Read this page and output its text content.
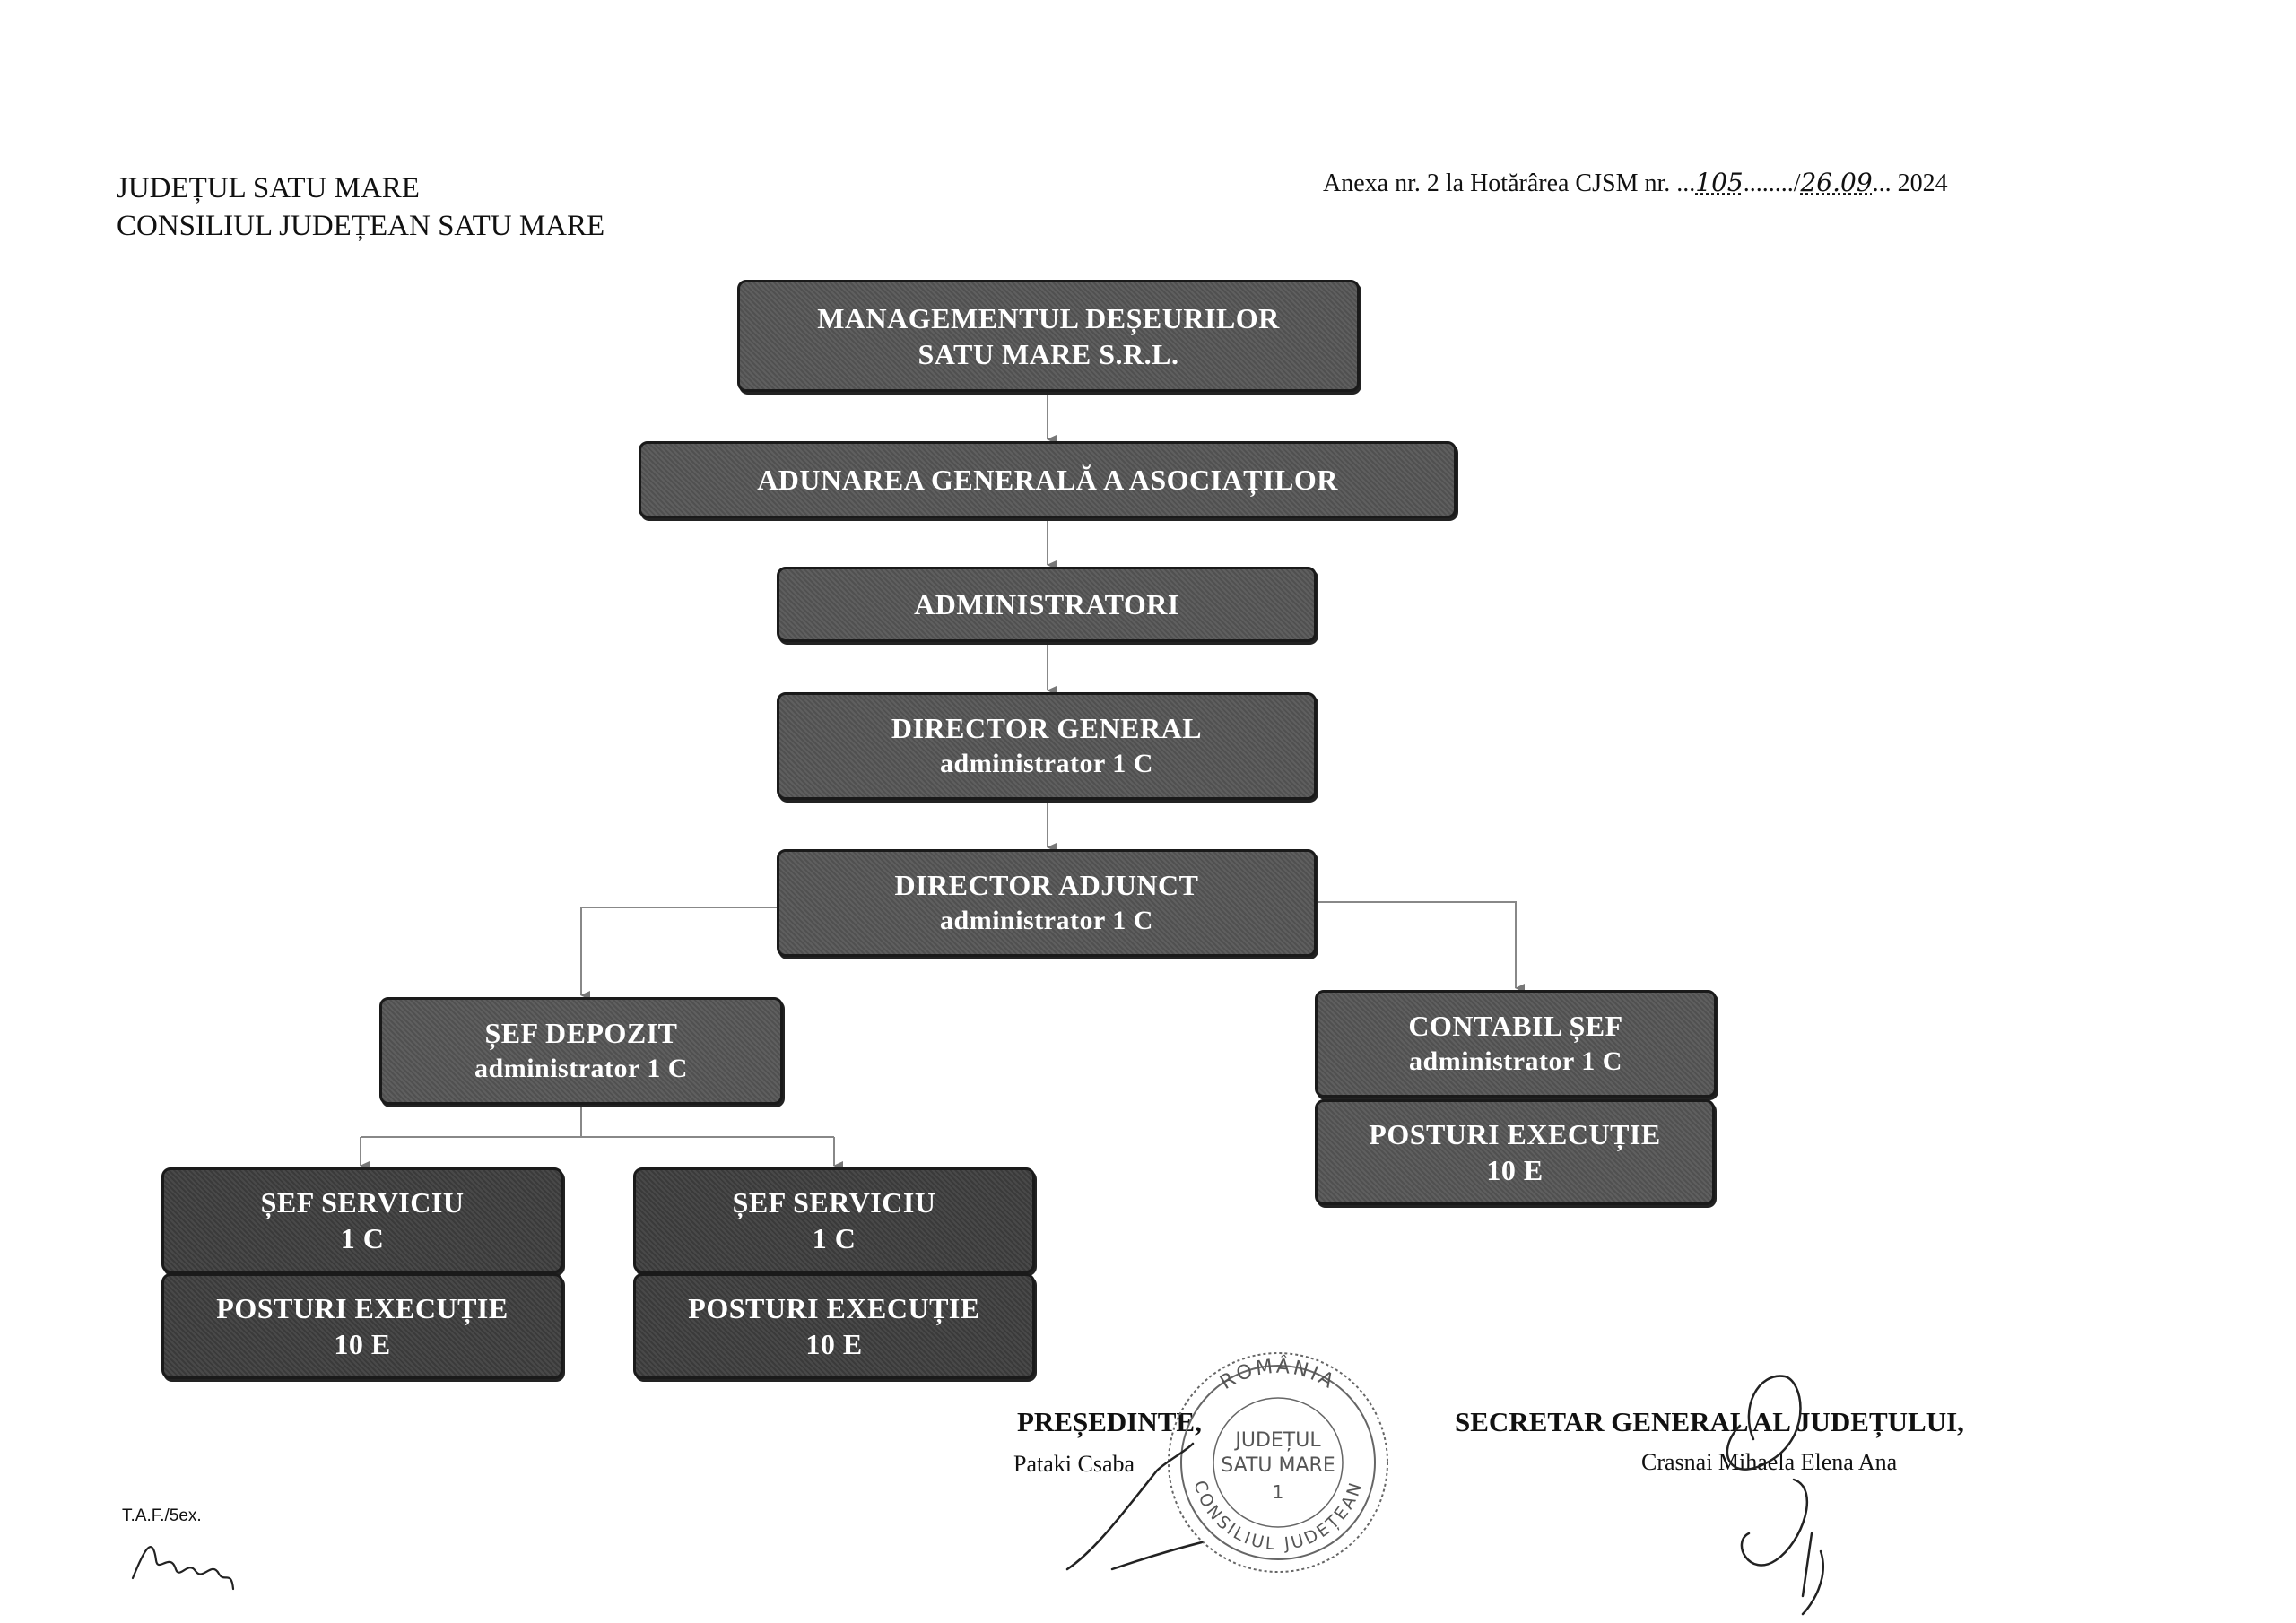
JUDEȚUL SATU MARE
CONSILIUL JUDEȚEAN SATU MARE
Anexa nr. 2 la Hotărârea CJSM nr. ...105......../26.09... 2024
MANAGEMENTUL DEȘEURILOR
SATU MARE S.R.L.
ADUNAREA GENERALĂ A ASOCIAȚILOR
ADMINISTRATORI
DIRECTOR GENERAL
administrator 1 C
DIRECTOR ADJUNCT
administrator 1 C
ȘEF DEPOZIT
administrator 1 C
CONTABIL ȘEF
administrator 1 C
POSTURI EXECUȚIE
10 E
ȘEF SERVICIU
1 C
POSTURI EXECUȚIE
10 E
ȘEF SERVICIU
1 C
POSTURI EXECUȚIE
10 E
PREȘEDINTE,
Pataki Csaba
ROMÂNIA
CONSILIUL JUDEȚEAN
JUDEȚUL
SATU MARE
1
SECRETAR GENERAL AL JUDEȚULUI,
Crasnai Mihaela Elena Ana
T.A.F./5ex.
